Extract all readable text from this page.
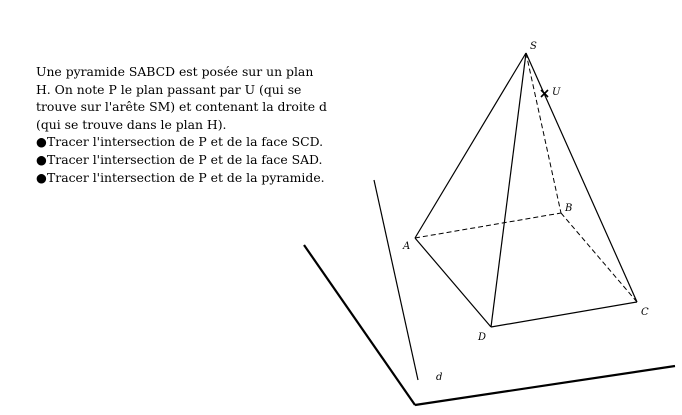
Une pyramide SABCD est posée sur un plan
H. On note P le plan passant par U (qui se
trouve sur l'arête SM) et contenant la droite d
(qui se trouve dans le plan H).
●Tracer l'intersection de P et de la face SCD.
●Tracer l'intersection de P et de la face SAD.
●Tracer l'intersection de P et de la pyramide.
S
U
B
A
C
D
d
